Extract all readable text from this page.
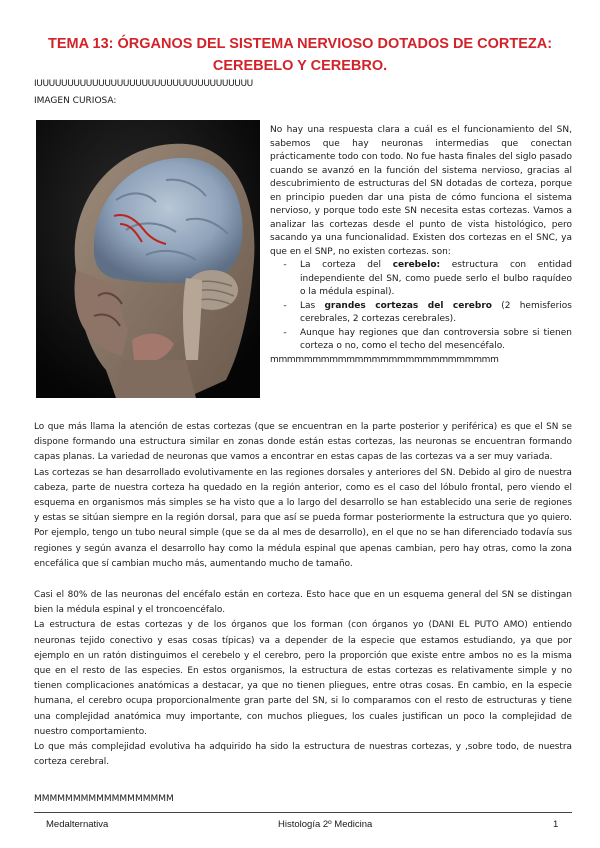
TEMA 13: ÓRGANOS DEL SISTEMA NERVIOSO DOTADOS DE CORTEZA:
CEREBELO Y CEREBRO.

IUUUUUUUUUUUUUUUUUUUUUUUUUUUUUUUUUUU

IMAGEN CURIOSA:

No hay una respuesta clara a cuál es el funcionamiento del SN, sabemos que hay neuronas intermedias que conectan prácticamente todo con todo. No fue hasta finales del siglo pasado cuando se avanzó en la función del sistema nervioso, gracias al descubrimiento de estructuras del SN dotadas de corteza, porque en principio pueden dar una pista de cómo funciona el sistema nervioso, y porque todo este SN necesita estas cortezas. Vamos a analizar las cortezas desde el punto de vista histológico, pero sacando ya una funcionalidad. Existen dos cortezas en el SNC, ya que en el SNP, no existen cortezas. son:

-	La corteza del cerebelo: estructura con entidad independiente del SN, como puede serlo el bulbo raquídeo o la médula espinal).
-	Las grandes cortezas del cerebro (2 hemisferios cerebrales, 2 cortezas cerebrales).
-	Aunque hay regiones que dan controversia sobre si tienen corteza o no, como el techo del mesencéfalo.

mmmmmmmmmmmmmmmmmmmmmmmmmmm

Lo que más llama la atención de estas cortezas (que se encuentran en la parte posterior y periférica) es que el SN se dispone formando una estructura similar en zonas donde están estas cortezas, las neuronas se encuentran formando capas planas. La variedad de neuronas que vamos a encontrar en estas capas de las cortezas va a ser muy variada.

Las cortezas se han desarrollado evolutivamente en las regiones dorsales y anteriores del SN. Debido al giro de nuestra cabeza, parte de nuestra corteza ha quedado en la región anterior, como es el caso del lóbulo frontal, pero viendo el esquema en organismos más simples se ha visto que a lo largo del desarrollo se han establecido una serie de regiones y estas se sitúan siempre en la región dorsal, para que así se pueda formar posteriormente la estructura que yo quiero. Por ejemplo, tengo un tubo neural simple (que se da al mes de desarrollo), en el que no se han diferenciado todavía sus regiones y según avanza el desarrollo hay como la médula espinal que apenas cambian, pero hay otras, como la zona encefálica que sí cambian mucho más, aumentando mucho de tamaño.

Casi el 80% de las neuronas del encéfalo están en corteza. Esto hace que en un esquema general del SN se distingan bien la médula espinal y el troncoencéfalo.

La estructura de estas cortezas y de los órganos que los forman (con órganos yo (DANI EL PUTO AMO) entiendo neuronas tejido conectivo y esas cosas típicas) va a depender de la especie que estamos estudiando, ya que por ejemplo en un ratón distinguimos el cerebelo y el cerebro, pero la proporción que existe entre ambos no es la misma que en el resto de las especies. En estos organismos, la estructura de estas cortezas es relativamente simple y no tienen complicaciones anatómicas a destacar, ya que no tienen pliegues, entre otras cosas. En cambio, en la especie humana, el cerebro ocupa proporcionalmente gran parte del SN, si lo comparamos con el resto de estructuras y tiene una complejidad anatómica muy importante, con muchos pliegues, los cuales justifican un poco la complejidad de nuestro comportamiento.

Lo que más complejidad evolutiva ha adquirido ha sido la estructura de nuestras cortezas, y ,sobre todo, de nuestra corteza cerebral.

MMMMMMMMMMMMMMMMMM

Medalternativa	Histología 2º Medicina	1
